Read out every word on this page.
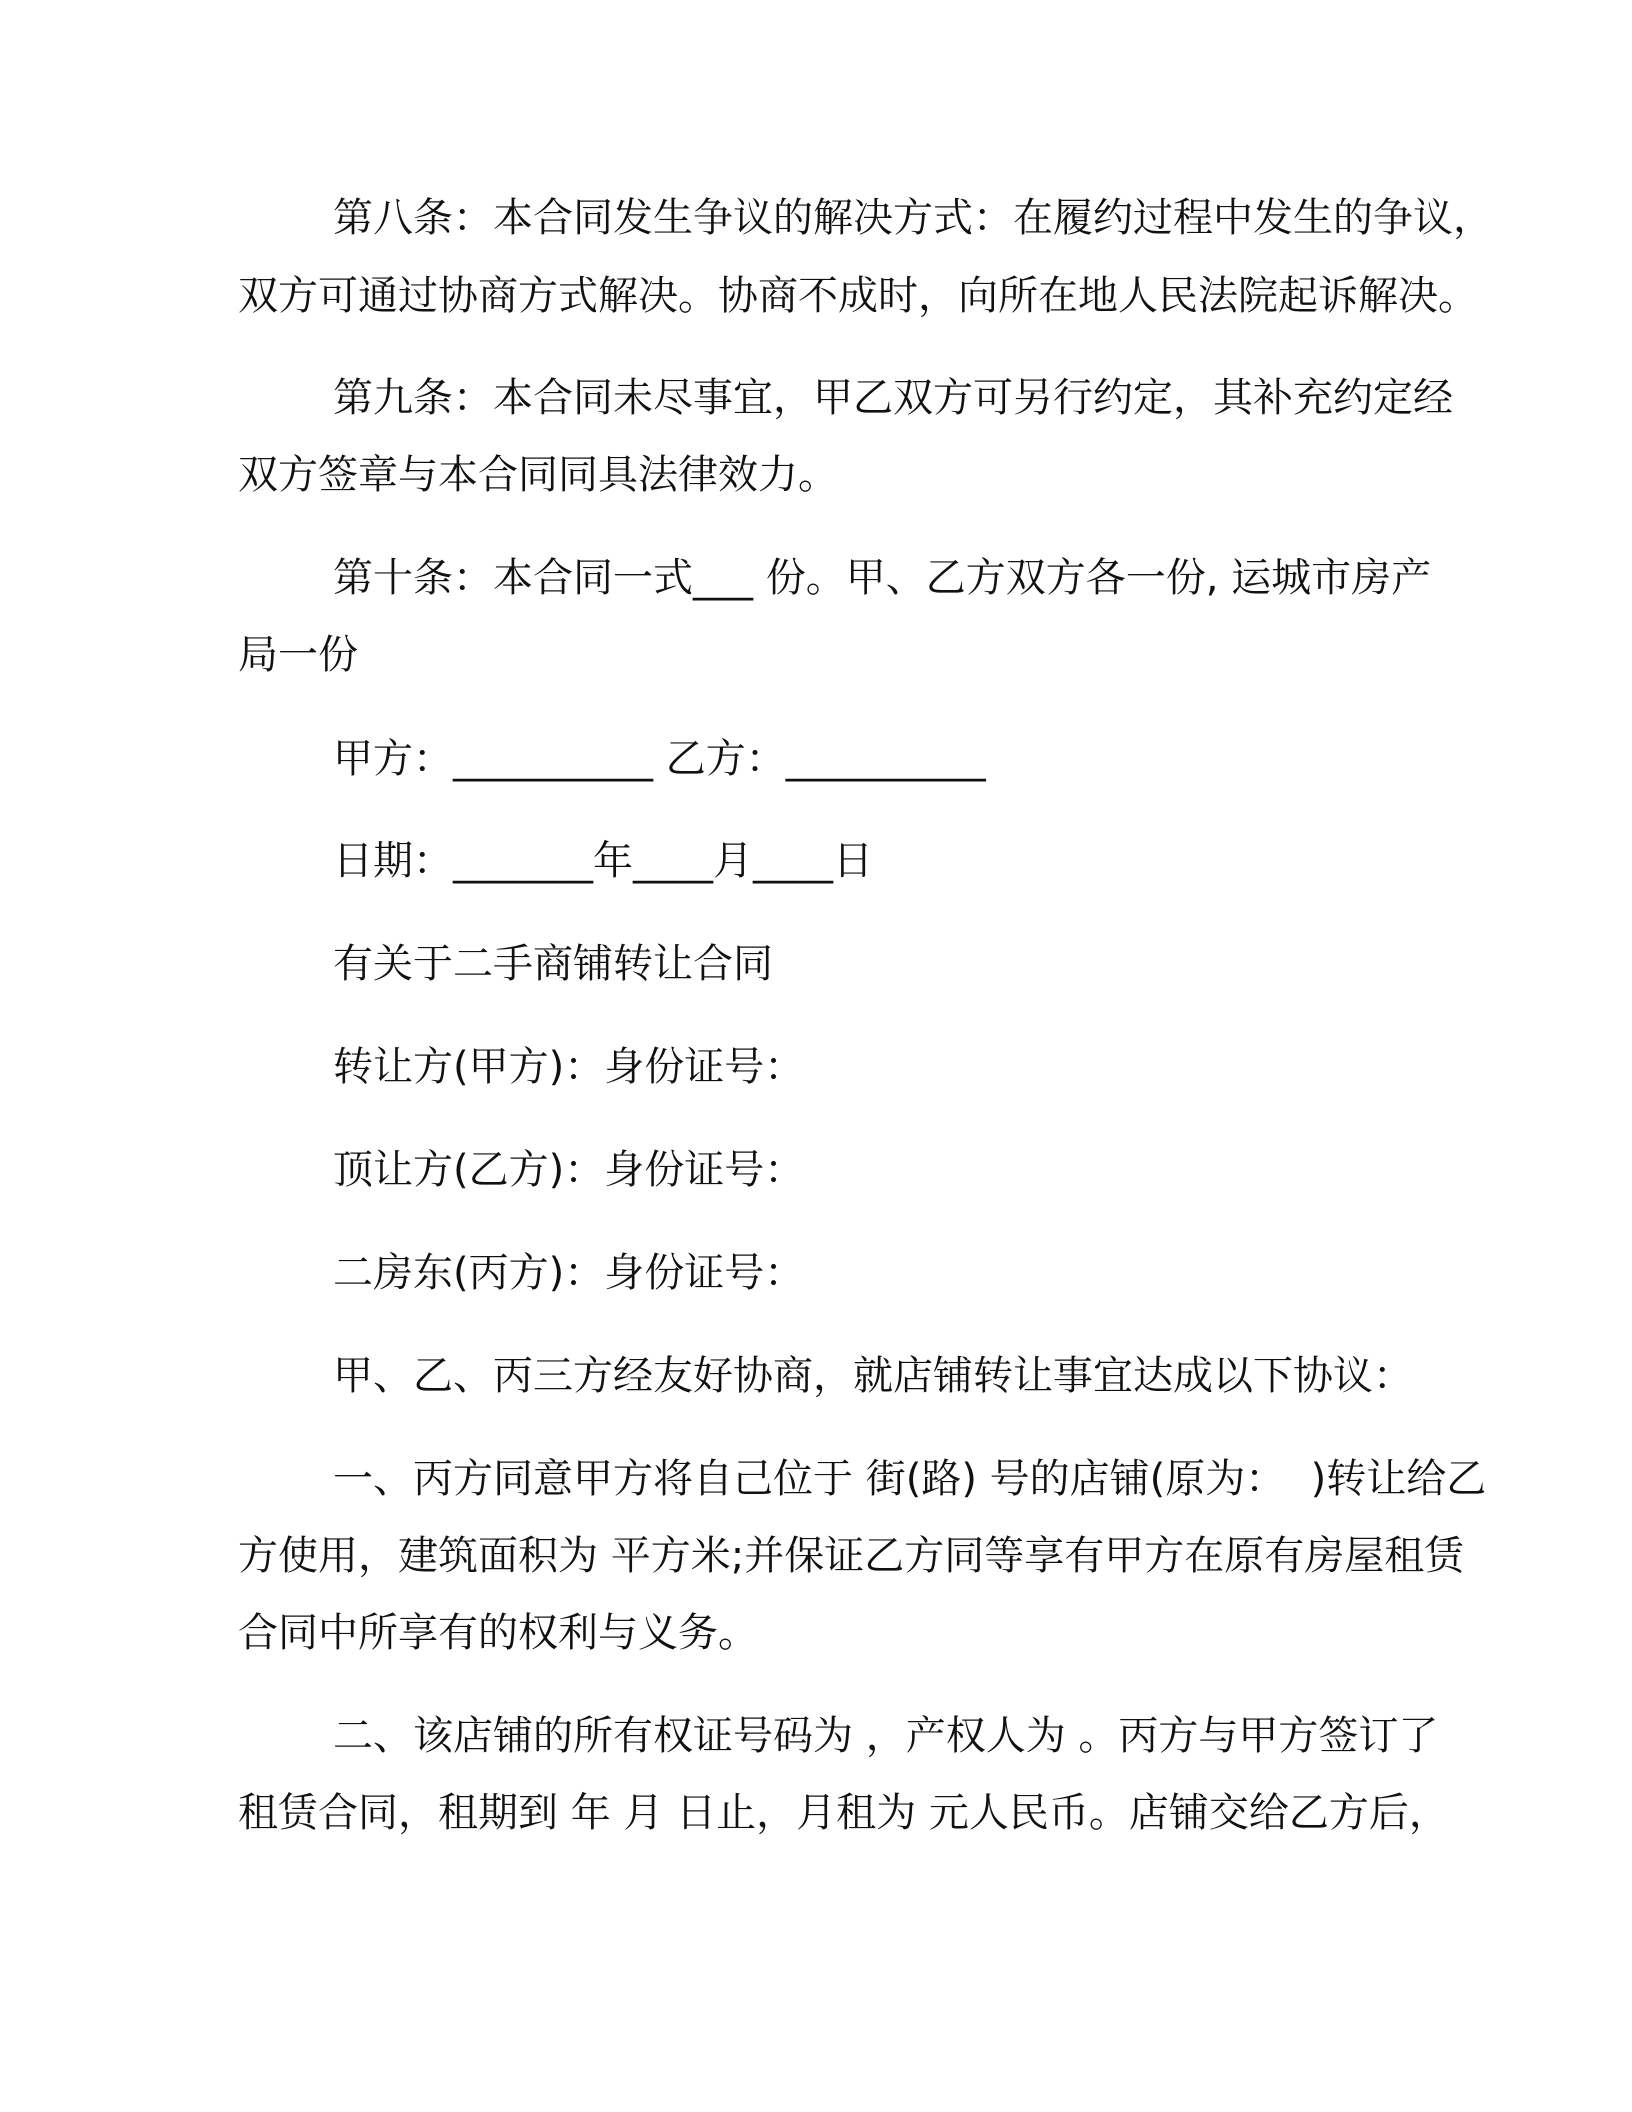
第八条：本合同发生争议的解决方式：在履约过程中发生的争议，
双方可通过协商方式解决。协商不成时，向所在地人民法院起诉解决。
第九条：本合同未尽事宜，甲乙双方可另行约定，其补充约定经
双方签章与本合同同具法律效力。
第十条：本合同一式___ 份。甲、乙方双方各一份, 运城市房产
局一份
甲方：__________ 乙方：__________
日期：_______年____月____日
有关于二手商铺转让合同
转让方(甲方)：身份证号：
顶让方(乙方)：身份证号：
二房东(丙方)：身份证号：
甲、乙、丙三方经友好协商，就店铺转让事宜达成以下协议：
一、丙方同意甲方将自己位于 街(路) 号的店铺(原为：  )转让给乙
方使用，建筑面积为 平方米;并保证乙方同等享有甲方在原有房屋租赁
合同中所享有的权利与义务。
二、该店铺的所有权证号码为 ，产权人为 。丙方与甲方签订了
租赁合同，租期到 年 月 日止，月租为 元人民币。店铺交给乙方后，
